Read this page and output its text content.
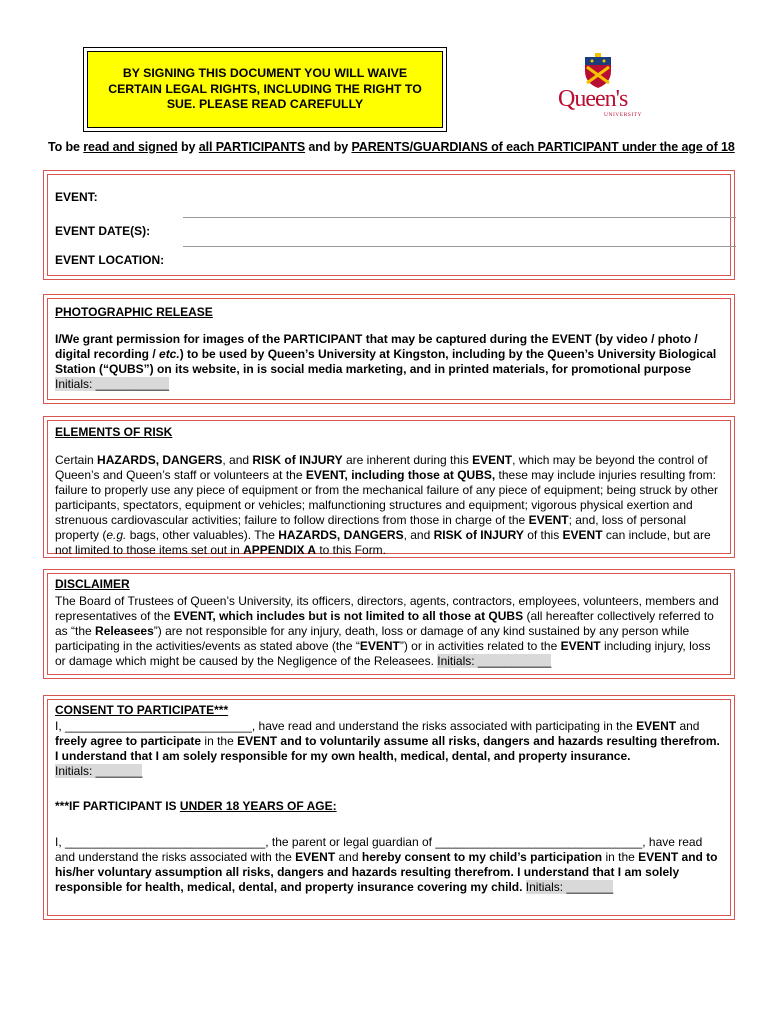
BY SIGNING THIS DOCUMENT YOU WILL WAIVE
CERTAIN LEGAL RIGHTS, INCLUDING THE RIGHT TO
SUE. PLEASE READ CAREFULLY	Queen's
UNIVERSITY
To be read and signed by all PARTICIPANTS and by PARENTS/GUARDIANS of each PARTICIPANT under the age of 18
EVENT:
EVENT DATE(S):
EVENT LOCATION:
PHOTOGRAPHIC RELEASE

I/We grant permission for images of the PARTICIPANT that may be captured during the EVENT (by video / photo / digital recording / etc.) to be used by Queen’s University at Kingston, including by the Queen’s University Biological Station (“QUBS”) on its website, in is social media marketing, and in printed materials, for promotional purpose Initials: ___________

ELEMENTS OF RISK

Certain HAZARDS, DANGERS, and RISK of INJURY are inherent during this EVENT, which may be beyond the control of Queen’s and Queen’s staff or volunteers at the EVENT, including those at QUBS, these may include injuries resulting from: failure to properly use any piece of equipment or from the mechanical failure of any piece of equipment; being struck by other participants, spectators, equipment or vehicles; malfunctioning structures and equipment; vigorous physical exertion and strenuous cardiovascular activities; failure to follow directions from those in charge of the EVENT; and, loss of personal property (e.g. bags, other valuables). The HAZARDS, DANGERS, and RISK of INJURY of this EVENT can include, but are not limited to those items set out in APPENDIX A to this Form.

DISCLAIMER

The Board of Trustees of Queen’s University, its officers, directors, agents, contractors, employees, volunteers, members and representatives of the EVENT, which includes but is not limited to all those at QUBS (all hereafter collectively referred to as “the Releasees”) are not responsible for any injury, death, loss or damage of any kind sustained by any person while participating in the activities/events as stated above (the “EVENT”) or in activities related to the EVENT including injury, loss or damage which might be caused by the Negligence of the Releasees. Initials: ___________

CONSENT TO PARTICIPATE***

I, ____________________________, have read and understand the risks associated with participating in the EVENT and freely agree to participate in the EVENT and to voluntarily assume all risks, dangers and hazards resulting therefrom. I understand that I am solely responsible for my own health, medical, dental, and property insurance.
Initials: _______

***IF PARTICIPANT IS UNDER 18 YEARS OF AGE:

I, ______________________________, the parent or legal guardian of _______________________________, have read and understand the risks associated with the EVENT and hereby consent to my child’s participation in the EVENT and to his/her voluntary assumption all risks, dangers and hazards resulting therefrom. I understand that I am solely responsible for health, medical, dental, and property insurance covering my child. Initials: _______
